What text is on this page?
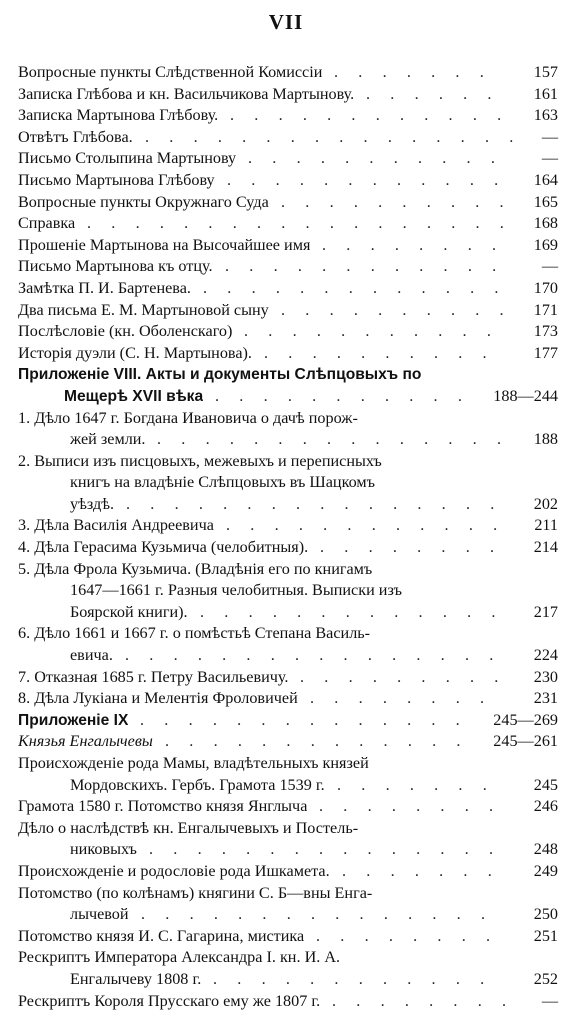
VII
Вопросные пункты Слѣдственной Комиссіи	157
.  .  .  .  .  .  . 
Записка Глѣбова и кн. Васильчикова Мартынову.	161
.  .  .  .  .  . 
Записка Мартынова Глѣбову.	163
.  .  .  .  .  .  .  .  .  .  .  . 
Отвѣтъ Глѣбова.	—
.  .  .  .  .  .  .  .  .  .  .  .  .  .  .  . 
Письмо Столыпина Мартынову	—
.  .  .  .  .  .  .  .  .  .  . 
Письмо Мартынова Глѣбову	164
.  .  .  .  .  .  .  .  .  .  .  . 
Вопросные пункты Окружнаго Суда	165
.  .  .  .  .  .  .  .  .  . 
Справка	168
.  .  .  .  .  .  .  .  .  .  .  .  .  .  .  .  .  . 
Прошеніе Мартынова на Высочайшее имя	169
.  .  .  .  .  .  .  . 
Письмо Мартынова къ отцу.	—
.  .  .  .  .  .  .  .  .  .  .  . 
Замѣтка П. И. Бартенева.	170
.  .  .  .  .  .  .  .  .  .  .  .  . 
Два письма Е. М. Мартыновой сыну	171
.  .  .  .  .  .  .  .  .  . 
Послѣсловіе (кн. Оболенскаго)	173
.  .  .  .  .  .  .  .  .  .  . 
Исторія дуэли (С. Н. Мартынова).	177
.  .  .  .  .  .  .  .  .  . 
Приложеніе VIII. Акты и документы Слѣпцовыхъ по
Мещерѣ XVII вѣка	188—244
.  .  .  .  .  .  .  .  .  .  . 
1. Дѣло 1647 г. Богдана Ивановича о дачѣ порож-
жей земли.	188
.  .  .  .  .  .  .  .  .  .  .  .  .  .  . 
2. Выписи изъ писцовыхъ, межевыхъ и переписныхъ
книгъ на владѣніе Слѣпцовыхъ въ Шацкомъ
уѣздѣ.	202
.  .  .  .  .  .  .  .  .  .  .  .  .  .  .  . 
3. Дѣла Василія Андреевича	211
.  .  .  .  .  .  .  .  .  .  .  . 
4. Дѣла Герасима Кузьмича (челобитныя).	214
.  .  .  .  .  .  .  . 
5. Дѣла Фрола Кузьмича. (Владѣнія его по книгамъ
1647—1661 г. Разныя челобитныя. Выписки изъ
Боярской книги).	217
.  .  .  .  .  .  .  .  .  .  .  .  . 
6. Дѣло 1661 и 1667 г. о помѣстьѣ Степана Василь-
евича.	224
.  .  .  .  .  .  .  .  .  .  .  .  .  .  .  . 
7. Отказная 1685 г. Петру Васильевичу.	230
.  .  .  .  .  .  .  .  . 
8. Дѣла Лукіана и Мелентія Фроловичей	231
.  .  .  .  .  .  .  . 
Приложеніе IX	245—269
.  .  .  .  .  .  .  .  .  .  .  .  .  . 
Князья Енгалычевы	245—261
.  .  .  .  .  .  .  .  .  .  .  .  . 
Происхожденіе рода Мамы, владѣтельныхъ князей
Мордовскихъ. Гербъ. Грамота 1539 г.	245
.  .  .  .  .  .  . 
Грамота 1580 г. Потомство князя Янглыча	246
.  .  .  .  .  .  .  . 
Дѣло о наслѣдствѣ кн. Енгалычевыхъ и Постель-
никовыхъ	248
.  .  .  .  .  .  .  .  .  .  .  .  .  .  . 
Происхожденіе и родословіе рода Ишкамета.	249
.  .  .  .  .  .  . 
Потомство (по колѣнамъ) княгини С. Б—вны Енга-
лычевой	250
.  .  .  .  .  .  .  .  .  .  .  .  .  .  . 
Потомство князя И. С. Гагарина, мистика	251
.  .  .  .  .  .  .  . 
Рескриптъ Императора Александра I. кн. И. А.
Енгалычеву 1808 г.	252
.  .  .  .  .  .  .  .  .  .  .  . 
Рескриптъ Короля Прусскаго ему же 1807 г.	—
.  .  .  .  .  .  .  . 
